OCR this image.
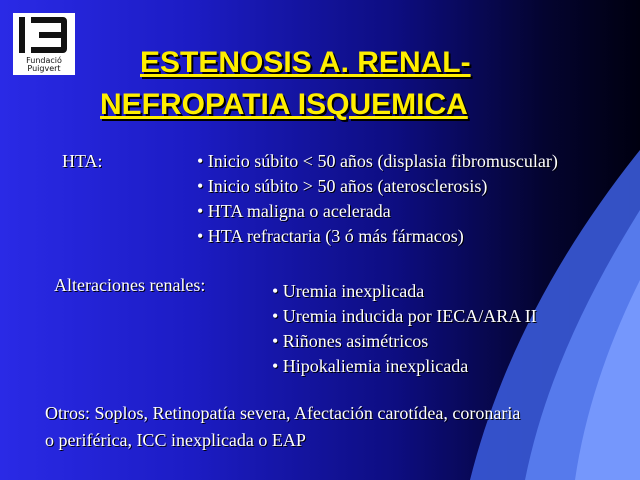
Fundació
Puigvert	ESTENOSIS A. RENAL-
NEFROPATIA ISQUEMICA
HTA:	• Inicio súbito < 50 años (displasia fibromuscular)
• Inicio súbito > 50 años (aterosclerosis)
• HTA maligna o acelerada
• HTA refractaria (3 ó más fármacos)
Alteraciones renales:	• Uremia inexplicada
• Uremia inducida por IECA/ARA II
• Riñones asimétricos
• Hipokaliemia inexplicada
Otros: Soplos, Retinopatía severa, Afectación carotídea, coronaria
o periférica, ICC inexplicada o EAP
